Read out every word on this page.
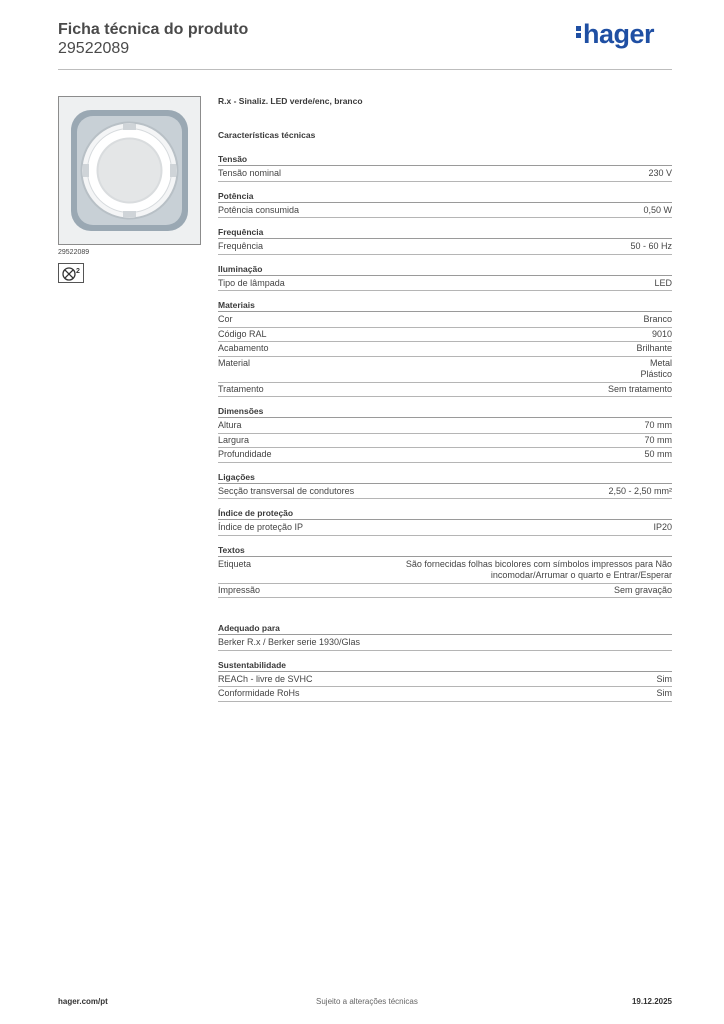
Ficha técnica do produto
29522089	hager
29522089
2
R.x - Sinaliz. LED verde/enc, branco
Características técnicas
Tensão
Tensão nominal	230 V
Potência
Potência consumida	0,50 W
Frequência
Frequência	50 - 60 Hz
Iluminação
Tipo de lâmpada	LED
Materiais
Cor	Branco
Código RAL	9010
Acabamento	Brilhante
Material	Metal
Plástico
Tratamento	Sem tratamento
Dimensões
Altura	70 mm
Largura	70 mm
Profundidade	50 mm
Ligações
Secção transversal de condutores	2,50 - 2,50 mm²
Índice de proteção
Índice de proteção IP	IP20
Textos
Etiqueta	São fornecidas folhas bicolores com símbolos impressos para Não
incomodar/Arrumar o quarto e Entrar/Esperar
Impressão	Sem gravação
Adequado para
Berker R.x / Berker serie 1930/Glas
Sustentabilidade
REACh - livre de SVHC	Sim
Conformidade RoHs	Sim
hager.com/pt	Sujeito a alterações técnicas	19.12.2025
